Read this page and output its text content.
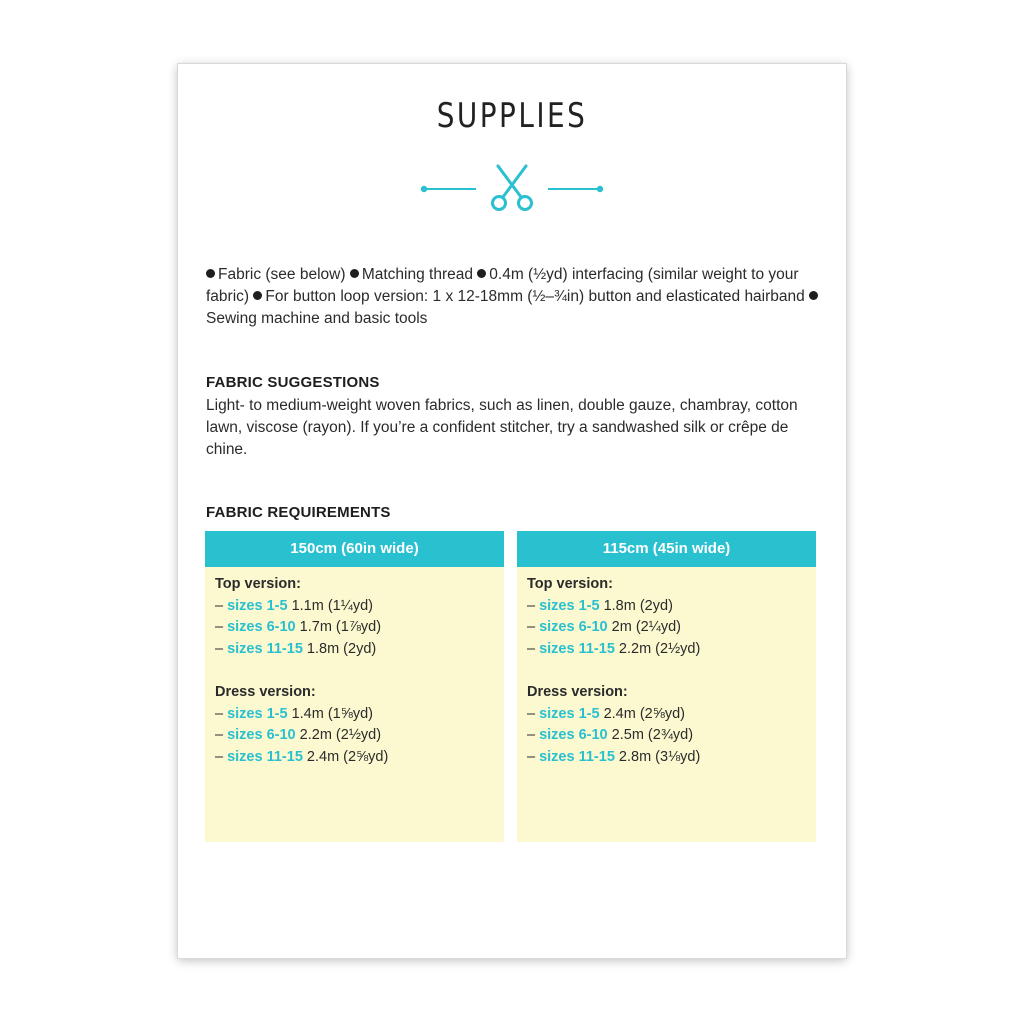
SUPPLIES

Fabric (see below) Matching thread 0.4m (½yd) interfacing (similar weight to your fabric) For button loop version: 1 x 12-18mm (½–¾in) button and elasticated hairband Sewing machine and basic tools

FABRIC SUGGESTIONS

Light- to medium-weight woven fabrics, such as linen, double gauze, chambray, cotton lawn, viscose (rayon). If you’re a confident stitcher, try a sandwashed silk or crêpe de chine.

FABRIC REQUIREMENTS
150cm (60in wide)
Top version:
– sizes 1-5 1.1m (1¼yd)
– sizes 6-10 1.7m (1⅞yd)
– sizes 11-15 1.8m (2yd)
Dress version:
– sizes 1-5 1.4m (1⅝yd)
– sizes 6-10 2.2m (2½yd)
– sizes 11-15 2.4m (2⅝yd)
115cm (45in wide)
Top version:
– sizes 1-5 1.8m (2yd)
– sizes 6-10 2m (2¼yd)
– sizes 11-15 2.2m (2½yd)
Dress version:
– sizes 1-5 2.4m (2⅝yd)
– sizes 6-10 2.5m (2¾yd)
– sizes 11-15 2.8m (3⅛yd)
